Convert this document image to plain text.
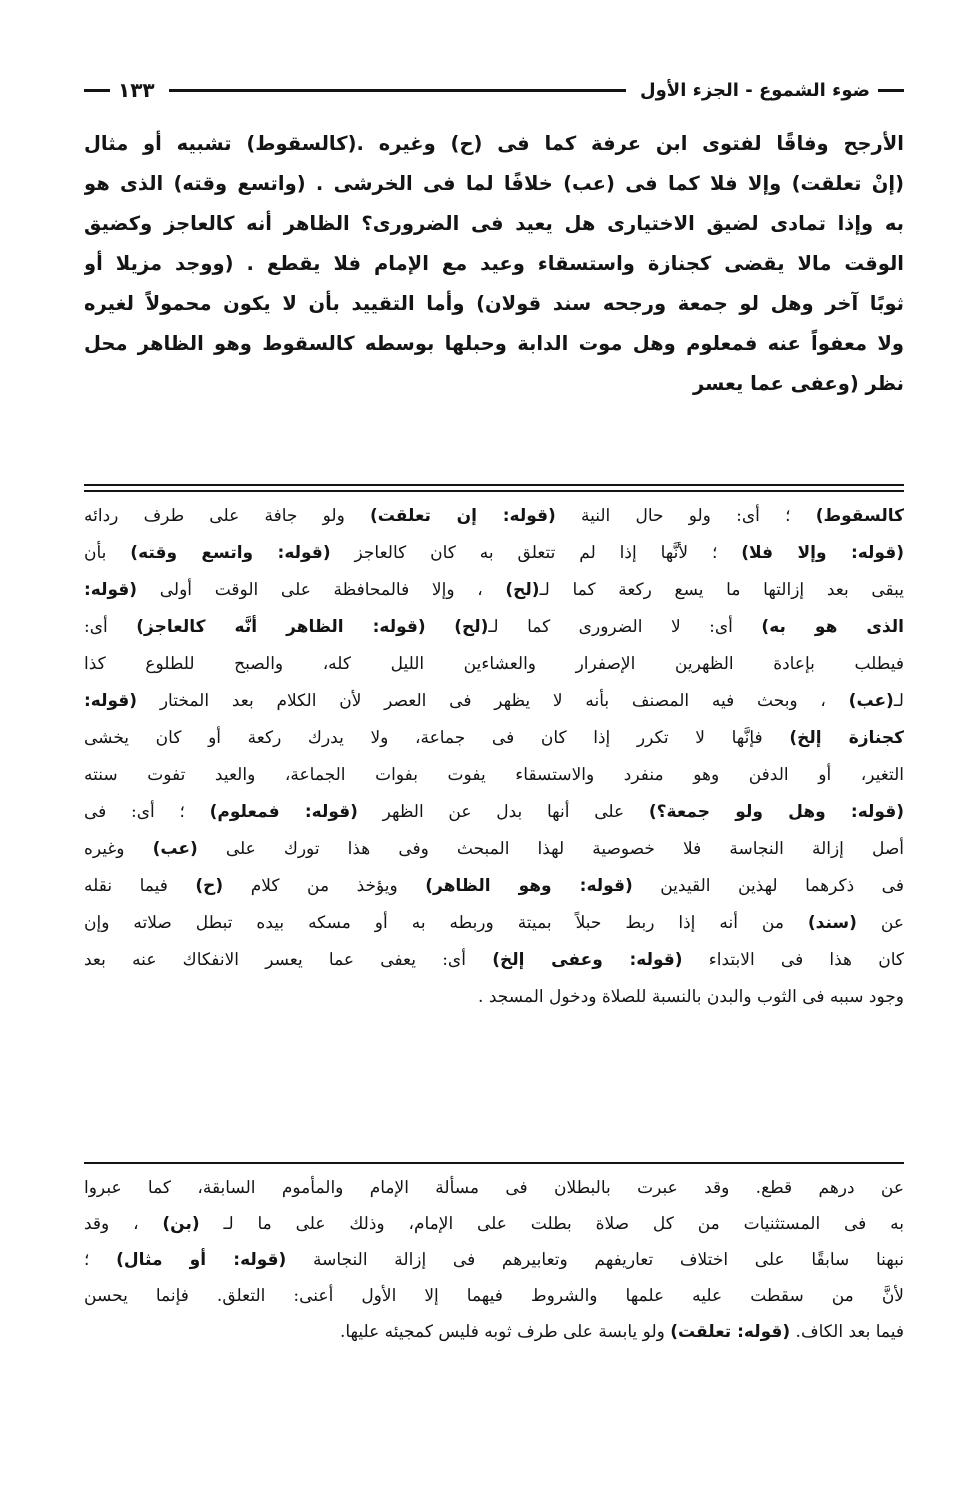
ضوء الشموع - الجزء الأول
١٣٣
الأرجح وفاقًا لفتوى ابن عرفة كما فى (ح) وغيره .(كالسقوط) تشبيه أو مثال
(إنْ تعلقت) وإلا فلا كما فى (عب) خلافًا لما فى الخرشى . (واتسع وقته) الذى هو
به وإذا تمادى لضيق الاختيارى هل يعيد فى الضرورى؟ الظاهر أنه كالعاجز وكضيق
الوقت مالا يقضى كجنازة واستسقاء وعيد مع الإمام فلا يقطع . (ووجد مزيلا أو
ثوبًا آخر وهل لو جمعة ورجحه سند قولان) وأما التقييد بأن لا يكون محمولاً لغيره
ولا معفواً عنه فمعلوم وهل موت الدابة وحبلها بوسطه كالسقوط وهو الظاهر محل
نظر (وعفى عما يعسر
كالسقوط) ؛ أى: ولو حال النية (قوله: إن تعلقت) ولو جافة على طرف ردائه
(قوله: وإلا فلا) ؛ لأنَّها إذا لم تتعلق به كان كالعاجز (قوله: واتسع وقته) بأن
يبقى بعد إزالتها ما يسع ركعة كما لـ(لح) ، وإلا فالمحافظة على الوقت أولى (قوله:
الذى هو به) أى: لا الضرورى كما لـ(لح) (قوله: الظاهر أنَّه كالعاجز) أى:
فيطلب بإعادة الظهرين الإصفرار والعشاءين الليل كله، والصبح للطلوع كذا
لـ(عب) ، وبحث فيه المصنف بأنه لا يظهر فى العصر لأن الكلام بعد المختار (قوله:
كجنازة إلخ) فإنَّها لا تكرر إذا كان فى جماعة، ولا يدرك ركعة أو كان يخشى
التغير، أو الدفن وهو منفرد والاستسقاء يفوت بفوات الجماعة، والعيد تفوت سنته
(قوله: وهل ولو جمعة؟) على أنها بدل عن الظهر (قوله: فمعلوم) ؛ أى: فى
أصل إزالة النجاسة فلا خصوصية لهذا المبحث وفى هذا تورك على (عب) وغيره
فى ذكرهما لهذين القيدين (قوله: وهو الظاهر) ويؤخذ من كلام (ح) فيما نقله
عن (سند) من أنه إذا ربط حبلاً بميتة وربطه به أو مسكه بيده تبطل صلاته وإن
كان هذا فى الابتداء (قوله: وعفى إلخ) أى: يعفى عما يعسر الانفكاك عنه بعد
وجود سببه فى الثوب والبدن بالنسبة للصلاة ودخول المسجد .
عن درهم قطع. وقد عبرت بالبطلان فى مسألة الإمام والمأموم السابقة، كما عبروا
به فى المستثنيات من كل صلاة بطلت على الإمام، وذلك على ما لـ (بن) ، وقد
نبهنا سابقًا على اختلاف تعاريفهم وتعابيرهم فى إزالة النجاسة (قوله: أو مثال) ؛
لأنَّ من سقطت عليه علمها والشروط فيهما إلا الأول أعنى: التعلق. فإنما يحسن
فيما بعد الكاف. (قوله: تعلقت) ولو يابسة على طرف ثوبه فليس كمجيئه عليها.
